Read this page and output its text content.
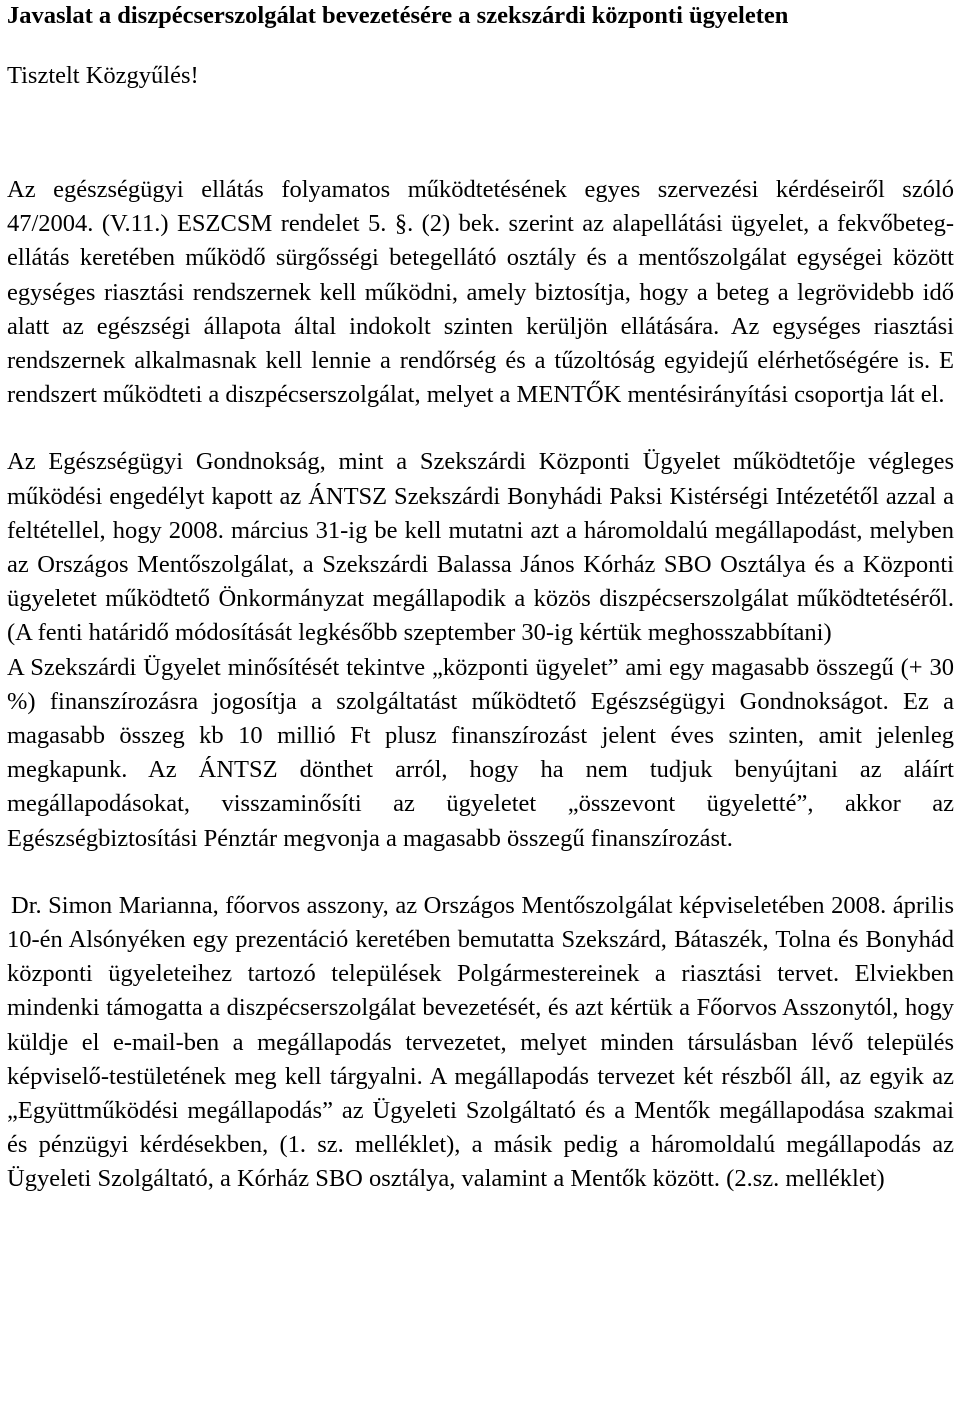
Javaslat a diszpécserszolgálat bevezetésére a szekszárdi központi ügyeleten

Tisztelt Közgyűlés!

Az egészségügyi ellátás folyamatos működtetésének egyes szervezési kérdéseiről szóló 47/2004. (V.11.) ESZCSM rendelet 5. §. (2) bek. szerint az alapellátási ügyelet, a fekvőbeteg-ellátás keretében működő sürgősségi betegellátó osztály és a mentőszolgálat egységei között egységes riasztási rendszernek kell működni, amely biztosítja, hogy a beteg a legrövidebb idő alatt az egészségi állapota által indokolt szinten kerüljön ellátására. Az egységes riasztási rendszernek alkalmasnak kell lennie a rendőrség és a tűzoltóság egyidejű elérhetőségére is. E rendszert működteti a diszpécserszolgálat, melyet a MENTŐK mentésirányítási csoportja lát el.

Az Egészségügyi Gondnokság, mint a Szekszárdi Központi Ügyelet működtetője végleges működési engedélyt kapott az ÁNTSZ Szekszárdi Bonyhádi Paksi Kistérségi Intézetétől azzal a feltétellel, hogy 2008. március 31-ig be kell mutatni azt a háromoldalú megállapodást, melyben az Országos Mentőszolgálat, a Szekszárdi Balassa János Kórház SBO Osztálya és a Központi ügyeletet működtető Önkormányzat megállapodik a közös diszpécserszolgálat működtetéséről. (A fenti határidő módosítását legkésőbb szeptember 30-ig kértük meghosszabbítani)

A Szekszárdi Ügyelet minősítését tekintve „központi ügyelet” ami egy magasabb összegű (+ 30 %) finanszírozásra jogosítja a szolgáltatást működtető Egészségügyi Gondnokságot. Ez a magasabb összeg kb 10 millió Ft plusz finanszírozást jelent éves szinten, amit jelenleg megkapunk. Az ÁNTSZ dönthet arról, hogy ha nem tudjuk benyújtani az aláírt megállapodásokat, visszaminősíti az ügyeletet „összevont ügyeletté”, akkor az Egészségbiztosítási Pénztár megvonja a magasabb összegű finanszírozást.

Dr. Simon Marianna, főorvos asszony, az Országos Mentőszolgálat képviseletében 2008. április 10-én Alsónyéken egy prezentáció keretében bemutatta Szekszárd, Bátaszék, Tolna és Bonyhád központi ügyeleteihez tartozó települések Polgármestereinek a riasztási tervet. Elviekben mindenki támogatta a diszpécserszolgálat bevezetését, és azt kértük a Főorvos Asszonytól, hogy küldje el e-mail-ben a megállapodás tervezetet, melyet minden társulásban lévő település képviselő-testületének meg kell tárgyalni. A megállapodás tervezet két részből áll, az egyik az „Együttműködési megállapodás” az Ügyeleti Szolgáltató és a Mentők megállapodása szakmai és pénzügyi kérdésekben, (1. sz. melléklet), a másik pedig a háromoldalú megállapodás az Ügyeleti Szolgáltató, a Kórház SBO osztálya, valamint a Mentők között. (2.sz. melléklet)
